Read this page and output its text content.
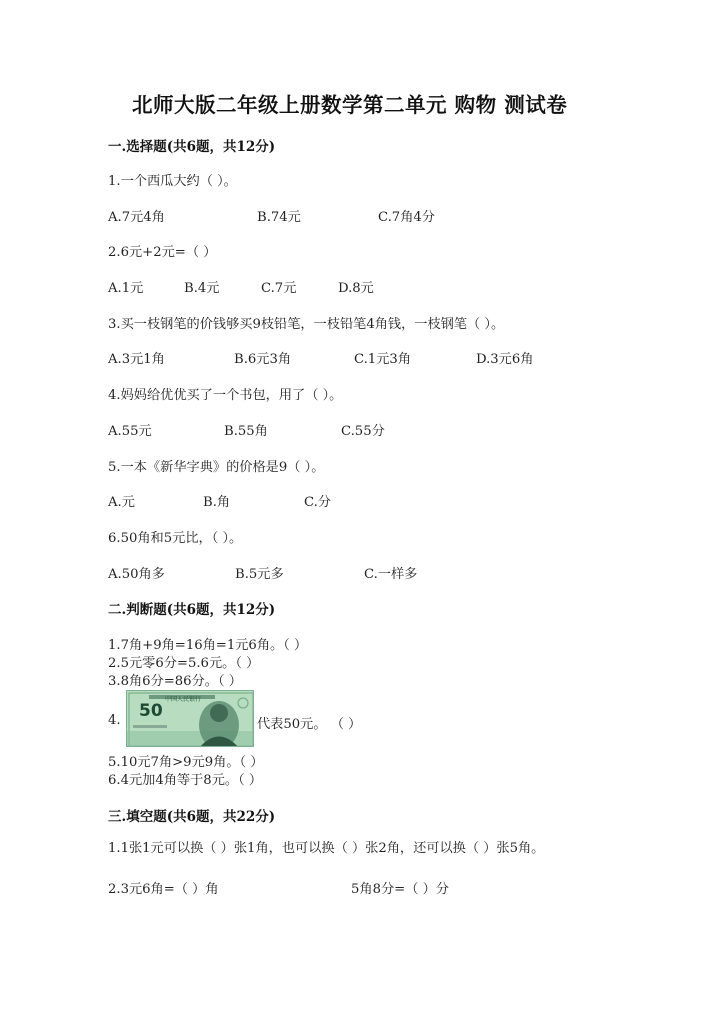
北师大版二年级上册数学第二单元 购物 测试卷
一.选择题(共6题，共12分)
1.一个西瓜大约（ ）。
A.7元4角	B.74元	C.7角4分
2.6元+2元=（ ）
A.1元	B.4元	C.7元	D.8元
3.买一枝钢笔的价钱够买9枝铅笔，一枝铅笔4角钱，一枝钢笔（ ）。
A.3元1角	B.6元3角	C.1元3角	D.3元6角
4.妈妈给优优买了一个书包，用了（ ）。
A.55元	B.55角	C.55分
5.一本《新华字典》的价格是9（ ）。
A.元	B.角	C.分
6.50角和5元比，（ ）。
A.50角多	B.5元多	C.一样多
二.判断题(共6题，共12分)
1.7角+9角=16角=1元6角。（ ）
2.5元零6分=5.6元。（ ）
3.8角6分=86分。（ ）
4. 50
中国人民银行
代表50元。 （ ）
5.10元7角>9元9角。（ ）
6.4元加4角等于8元。（ ）
三.填空题(共6题，共22分)
1.1张1元可以换（ ）张1角，也可以换（ ）张2角，还可以换（ ）张5角。
2.3元6角=（ ）角	5角8分=（ ）分
